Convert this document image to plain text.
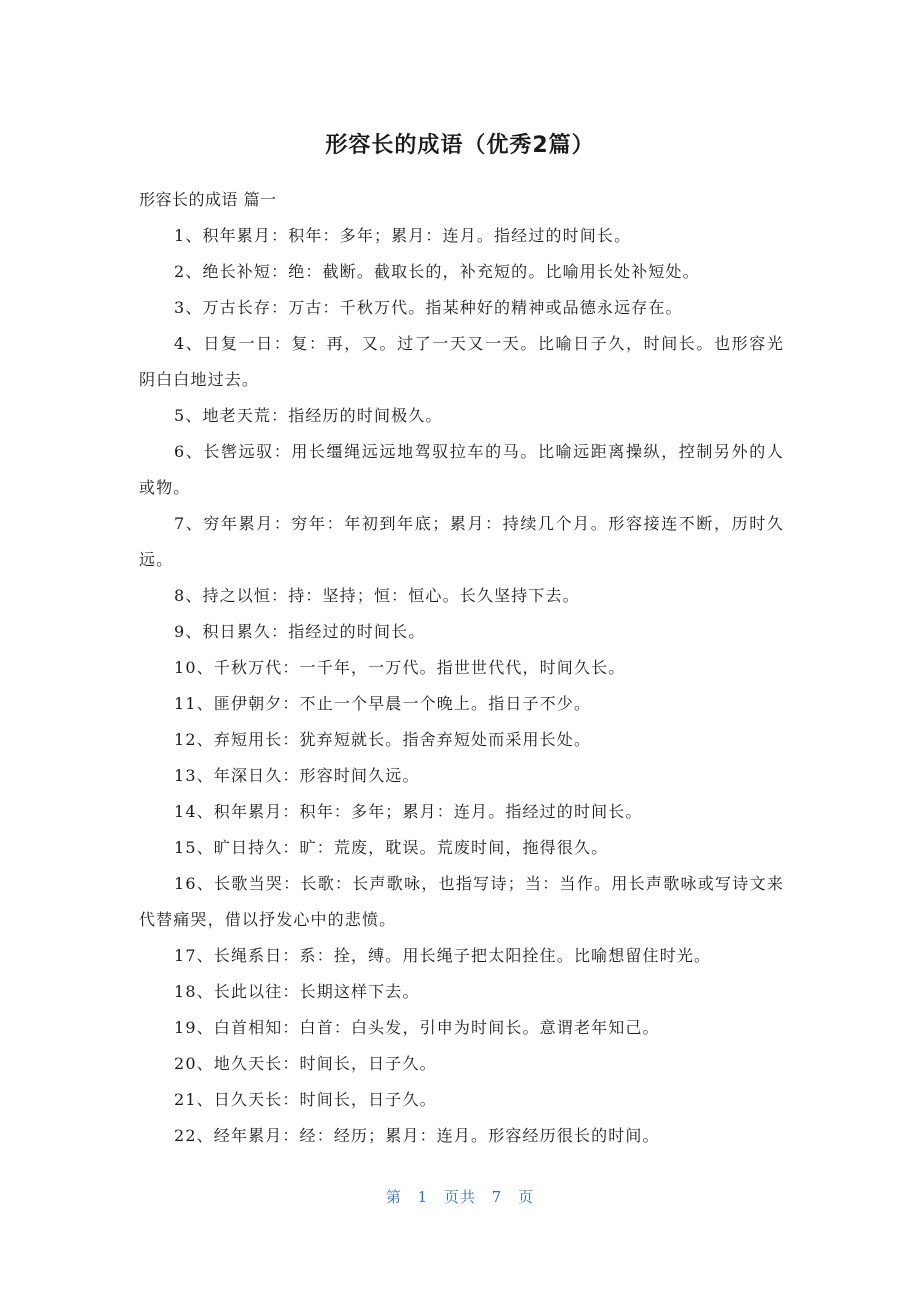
形容长的成语（优秀2篇）

形容长的成语 篇一

1、积年累月：积年：多年；累月：连月。指经过的时间长。

2、绝长补短：绝：截断。截取长的，补充短的。比喻用长处补短处。

3、万古长存：万古：千秋万代。指某种好的精神或品德永远存在。

4、日复一日：复：再，又。过了一天又一天。比喻日子久，时间长。也形容光阴白白地过去。

5、地老天荒：指经历的时间极久。

6、长辔远驭：用长缰绳远远地驾驭拉车的马。比喻远距离操纵，控制另外的人或物。

7、穷年累月：穷年：年初到年底；累月：持续几个月。形容接连不断，历时久远。

8、持之以恒：持：坚持；恒：恒心。长久坚持下去。

9、积日累久：指经过的时间长。

10、千秋万代：一千年，一万代。指世世代代，时间久长。

11、匪伊朝夕：不止一个早晨一个晚上。指日子不少。

12、弃短用长：犹弃短就长。指舍弃短处而采用长处。

13、年深日久：形容时间久远。

14、积年累月：积年：多年；累月：连月。指经过的时间长。

15、旷日持久：旷：荒废，耽误。荒废时间，拖得很久。

16、长歌当哭：长歌：长声歌咏，也指写诗；当：当作。用长声歌咏或写诗文来代替痛哭，借以抒发心中的悲愤。

17、长绳系日：系：拴，缚。用长绳子把太阳拴住。比喻想留住时光。

18、长此以往：长期这样下去。

19、白首相知：白首：白头发，引申为时间长。意谓老年知己。

20、地久天长：时间长，日子久。

21、日久天长：时间长，日子久。

22、经年累月：经：经历；累月：连月。形容经历很长的时间。

第 1 页共 7 页
